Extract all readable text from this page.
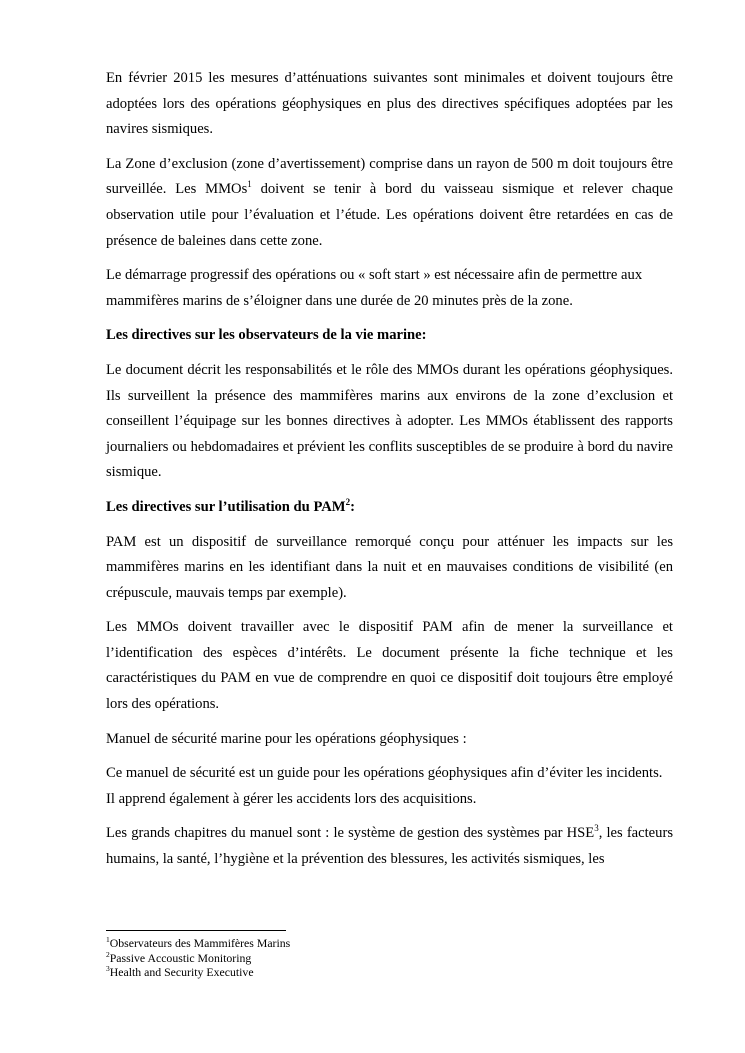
En février 2015 les mesures d’atténuations suivantes sont minimales et doivent toujours être adoptées lors des opérations géophysiques en plus des directives spécifiques adoptées par les navires sismiques.

La Zone d’exclusion (zone d’avertissement) comprise dans un rayon de 500 m doit toujours être surveillée. Les MMOs$^1$ doivent se tenir à bord du vaisseau sismique et relever chaque observation utile pour l’évaluation et l’étude. Les opérations doivent être retardées en cas de présence de baleines dans cette zone.

Le démarrage progressif des opérations ou « soft start » est nécessaire afin de permettre aux mammifères marins de s’éloigner dans une durée de 20 minutes près de la zone.

Les directives sur les observateurs de la vie marine:

Le document décrit les responsabilités et le rôle des MMOs durant les opérations géophysiques. Ils surveillent la présence des mammifères marins aux environs de la zone d’exclusion et conseillent l’équipage sur les bonnes directives à adopter. Les MMOs établissent des rapports journaliers ou hebdomadaires et prévient les conflits susceptibles de se produire à bord du navire sismique.

Les directives sur l’utilisation du PAM$^2$:

PAM est un dispositif de surveillance remorqué conçu pour atténuer les impacts sur les mammifères marins en les identifiant dans la nuit et en mauvaises conditions de visibilité (en crépuscule, mauvais temps par exemple).

Les MMOs doivent travailler avec le dispositif PAM afin de mener la surveillance et l’identification des espèces d’intérêts. Le document présente la fiche technique et les caractéristiques du PAM en vue de comprendre en quoi ce dispositif doit toujours être employé lors des opérations.

Manuel de sécurité marine pour les opérations géophysiques :

Ce manuel de sécurité est un guide pour les opérations géophysiques afin d’éviter les incidents. Il apprend également à gérer les accidents lors des acquisitions.

Les grands chapitres du manuel sont : le système de gestion des systèmes par HSE$^3$, les facteurs humains, la santé, l’hygiène et la prévention des blessures, les activités sismiques, les

$^1$Observateurs des Mammifères Marins
$^2$Passive Accoustic Monitoring
$^3$Health and Security Executive
